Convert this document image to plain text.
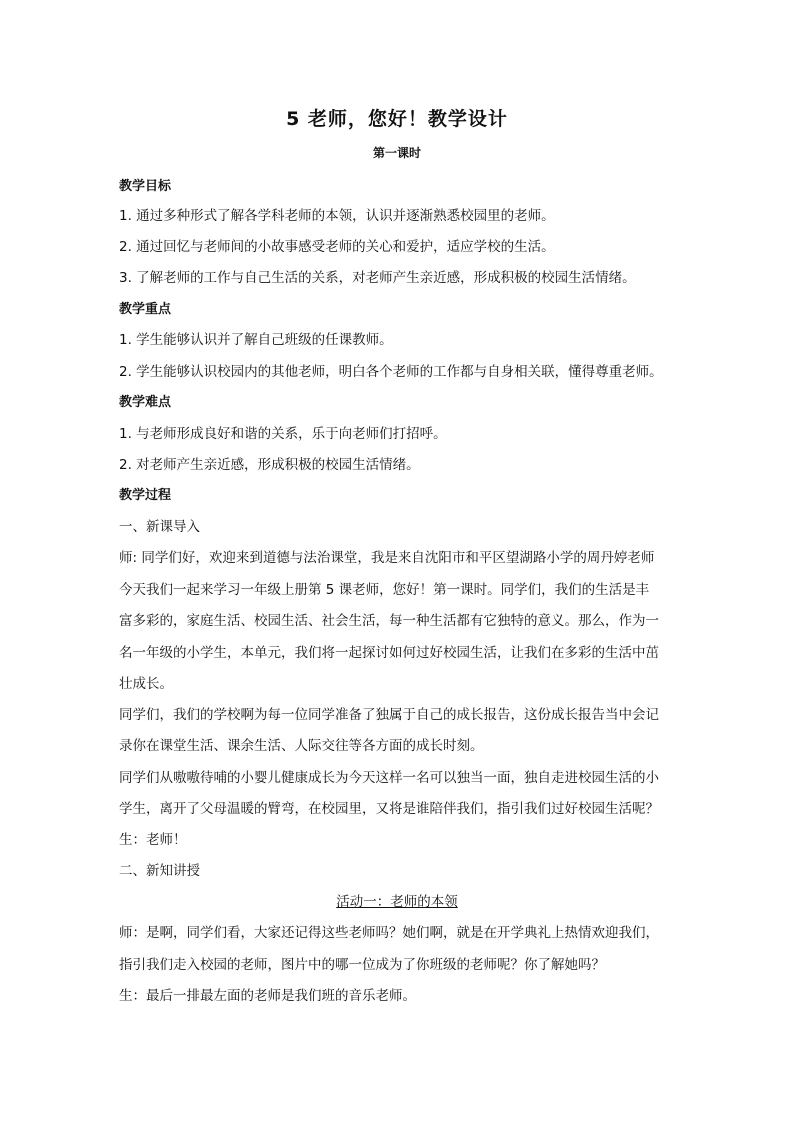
5 老师，您好！教学设计
第一课时
教学目标
1. 通过多种形式了解各学科老师的本领，认识并逐渐熟悉校园里的老师。
2. 通过回忆与老师间的小故事感受老师的关心和爱护，适应学校的生活。
3. 了解老师的工作与自己生活的关系，对老师产生亲近感，形成积极的校园生活情绪。
教学重点
1. 学生能够认识并了解自己班级的任课教师。
2. 学生能够认识校园内的其他老师，明白各个老师的工作都与自身相关联，懂得尊重老师。
教学难点
1. 与老师形成良好和谐的关系，乐于向老师们打招呼。
2. 对老师产生亲近感，形成积极的校园生活情绪。
教学过程
一、新课导入
师: 同学们好，欢迎来到道德与法治课堂，我是来自沈阳市和平区望湖路小学的周丹婷老师
今天我们一起来学习一年级上册第 5 课老师，您好！第一课时。同学们，我们的生活是丰
富多彩的，家庭生活、校园生活、社会生活，每一种生活都有它独特的意义。那么，作为一
名一年级的小学生，本单元，我们将一起探讨如何过好校园生活，让我们在多彩的生活中茁
壮成长。
同学们，我们的学校啊为每一位同学准备了独属于自己的成长报告，这份成长报告当中会记
录你在课堂生活、课余生活、人际交往等各方面的成长时刻。
同学们从嗷嗷待哺的小婴儿健康成长为今天这样一名可以独当一面，独自走进校园生活的小
学生，离开了父母温暖的臂弯，在校园里，又将是谁陪伴我们，指引我们过好校园生活呢？
生：老师！
二、新知讲授
活动一：老师的本领
师：是啊，同学们看，大家还记得这些老师吗？她们啊，就是在开学典礼上热情欢迎我们，
指引我们走入校园的老师，图片中的哪一位成为了你班级的老师呢？你了解她吗？
生：最后一排最左面的老师是我们班的音乐老师。
